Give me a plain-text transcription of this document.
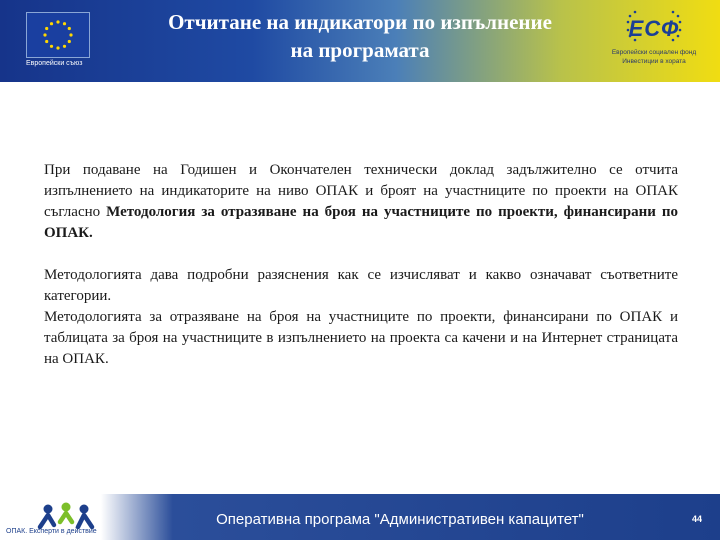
Европейски съюз
Отчитане на индикатори по изпълнение
на програмата
ЕСФ
Европейски социален фонд
Инвестиции в хората

При подаване на Годишен и Окончателен технически доклад задължително се отчита изпълнението на индикаторите на ниво ОПАК и броят на участниците по проекти на ОПАК съгласно Методология за отразяване на броя на участниците по проекти, финансирани по ОПАК.

Методологията дава подробни разяснения как се изчисляват и какво означават съответните категории.

Методологията за отразяване на броя на участниците по проекти, финансирани по ОПАК и таблицата за броя на участниците в изпълнението на проекта са качени и на Интернет страницата на ОПАК.

ОПАК. Експерти в действие
Оперативна програма "Административен капацитет"	44
